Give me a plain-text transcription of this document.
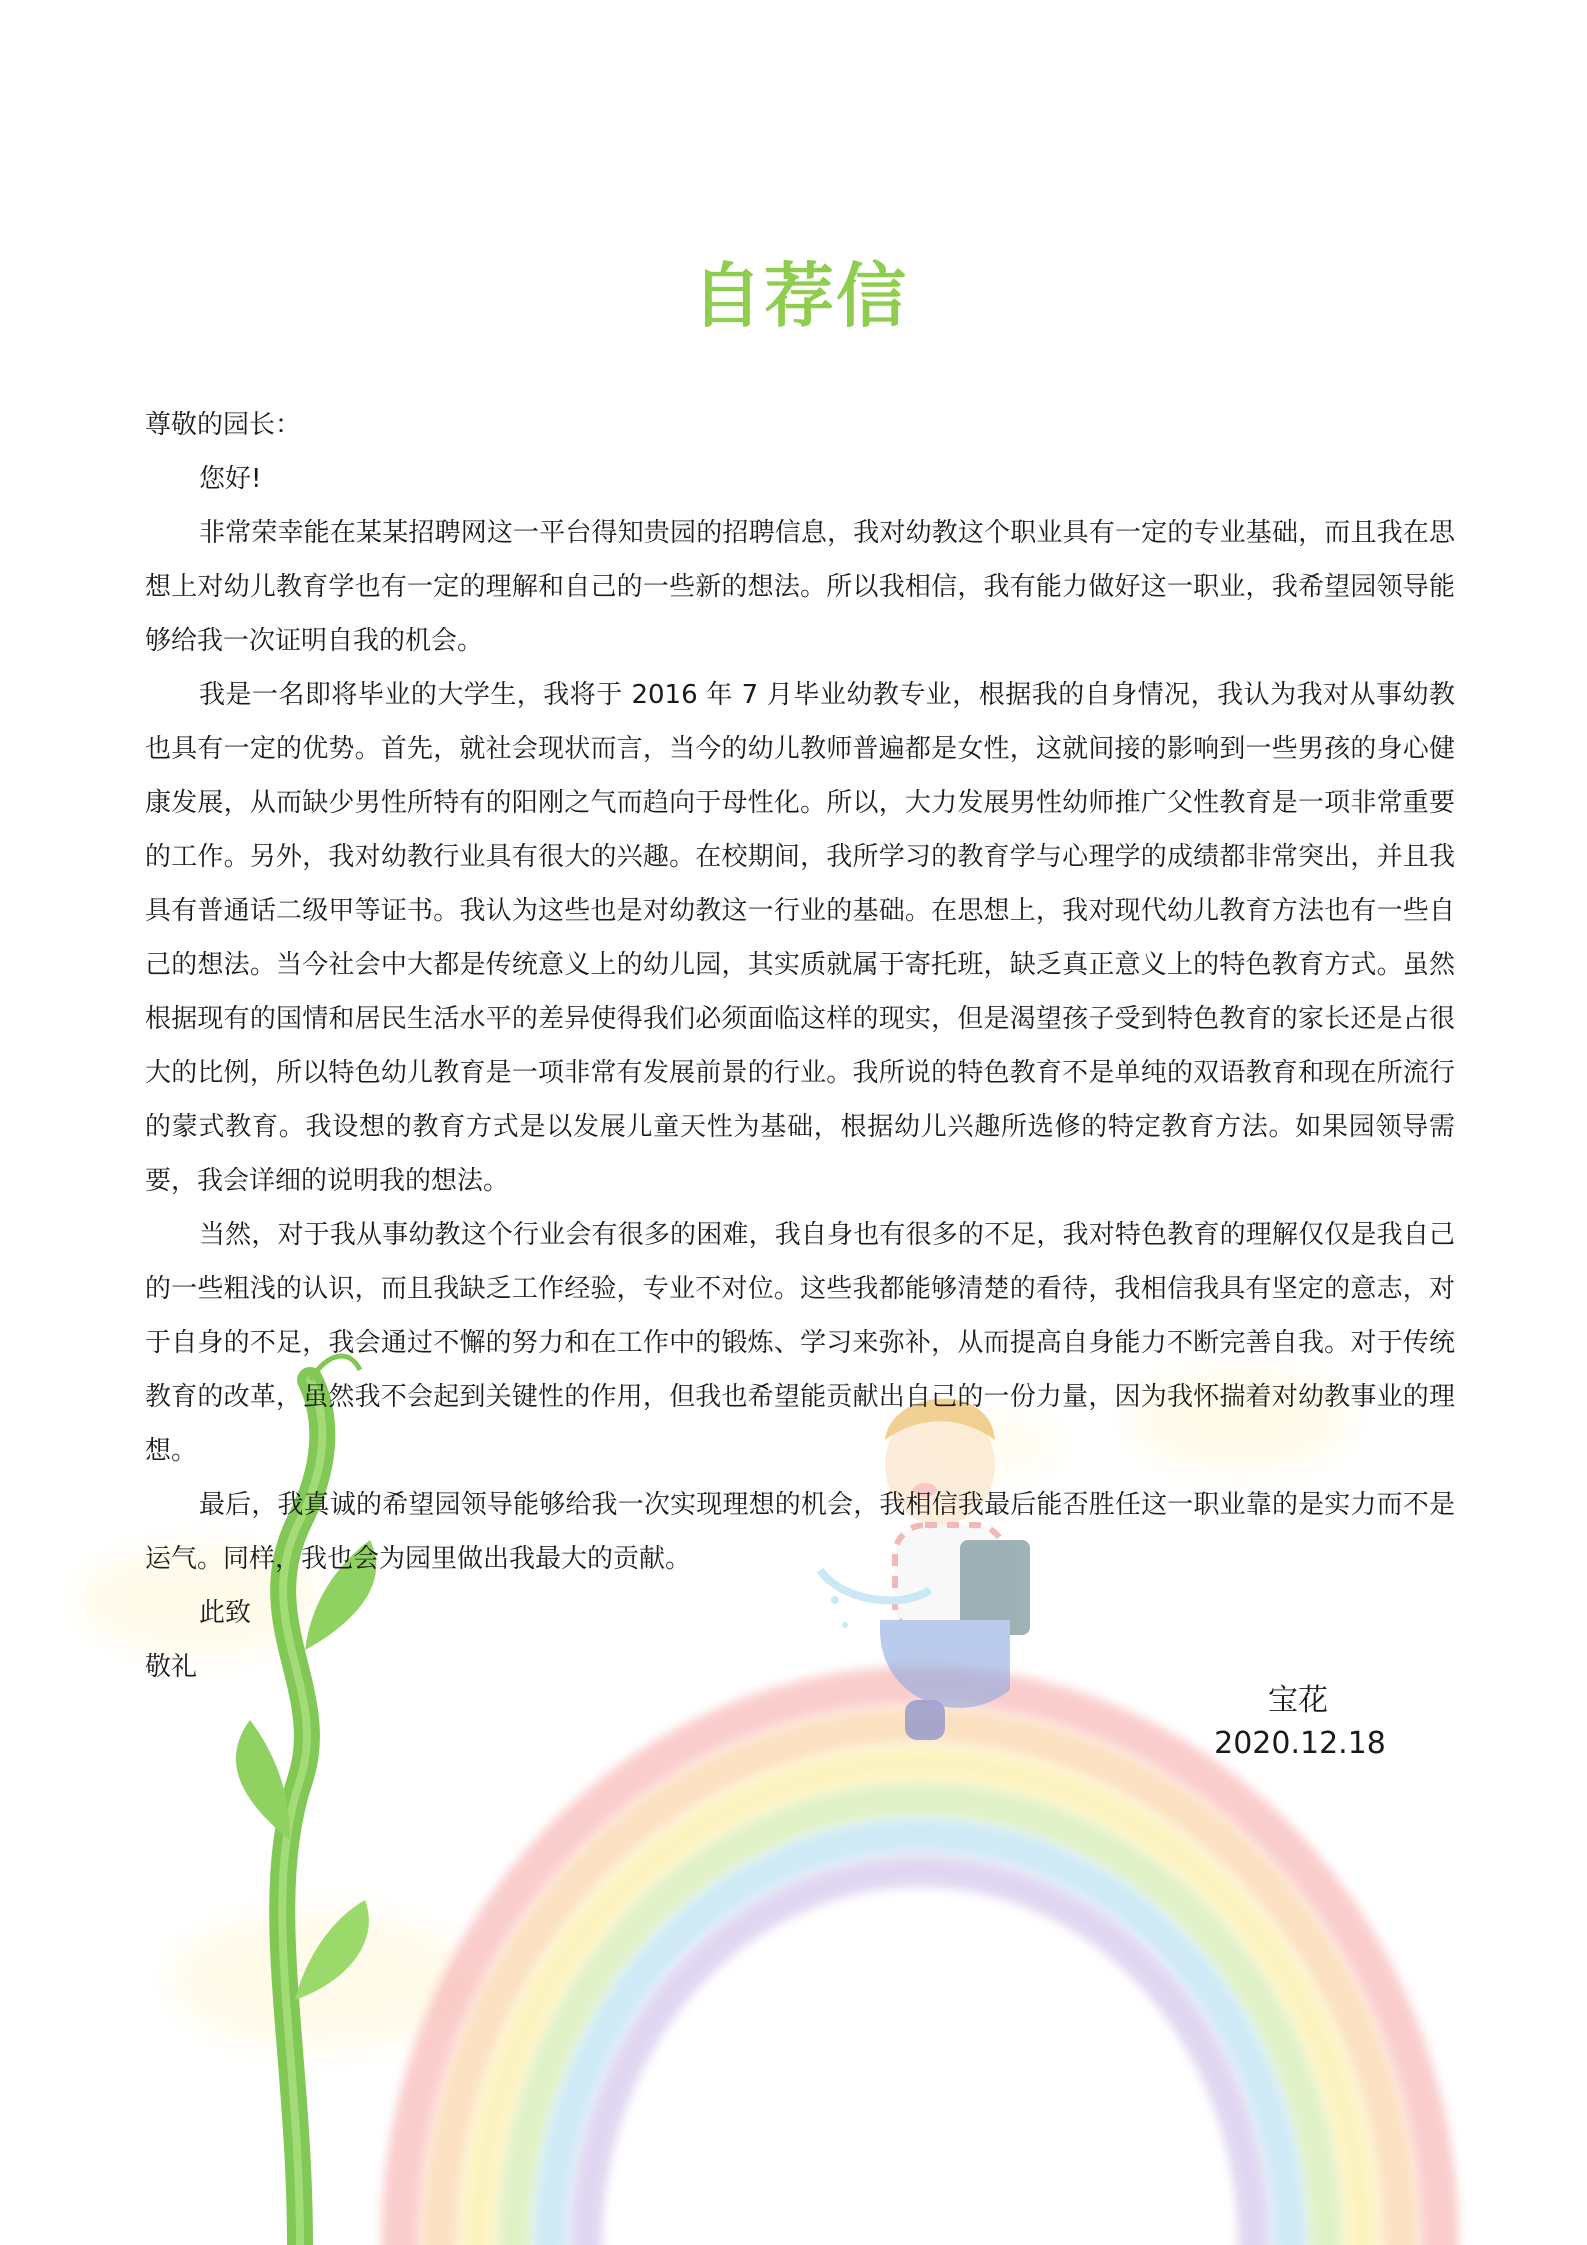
自荐信

尊敬的园长：

您好!

非常荣幸能在某某招聘网这一平台得知贵园的招聘信息，我对幼教这个职业具有一定的专业基础，而且我在思想上对幼儿教育学也有一定的理解和自己的一些新的想法。所以我相信，我有能力做好这一职业，我希望园领导能够给我一次证明自我的机会。

我是一名即将毕业的大学生，我将于 2016 年 7 月毕业幼教专业，根据我的自身情况，我认为我对从事幼教也具有一定的优势。首先，就社会现状而言，当今的幼儿教师普遍都是女性，这就间接的影响到一些男孩的身心健康发展，从而缺少男性所特有的阳刚之气而趋向于母性化。所以，大力发展男性幼师推广父性教育是一项非常重要的工作。另外，我对幼教行业具有很大的兴趣。在校期间，我所学习的教育学与心理学的成绩都非常突出，并且我具有普通话二级甲等证书。我认为这些也是对幼教这一行业的基础。在思想上，我对现代幼儿教育方法也有一些自己的想法。当今社会中大都是传统意义上的幼儿园，其实质就属于寄托班，缺乏真正意义上的特色教育方式。虽然根据现有的国情和居民生活水平的差异使得我们必须面临这样的现实，但是渴望孩子受到特色教育的家长还是占很大的比例，所以特色幼儿教育是一项非常有发展前景的行业。我所说的特色教育不是单纯的双语教育和现在所流行的蒙式教育。我设想的教育方式是以发展儿童天性为基础，根据幼儿兴趣所选修的特定教育方法。如果园领导需要，我会详细的说明我的想法。

当然，对于我从事幼教这个行业会有很多的困难，我自身也有很多的不足，我对特色教育的理解仅仅是我自己的一些粗浅的认识，而且我缺乏工作经验，专业不对位。这些我都能够清楚的看待，我相信我具有坚定的意志，对于自身的不足，我会通过不懈的努力和在工作中的锻炼、学习来弥补，从而提高自身能力不断完善自我。对于传统教育的改革，虽然我不会起到关键性的作用，但我也希望能贡献出自己的一份力量，因为我怀揣着对幼教事业的理想。

最后，我真诚的希望园领导能够给我一次实现理想的机会，我相信我最后能否胜任这一职业靠的是实力而不是运气。同样，我也会为园里做出我最大的贡献。

此致

敬礼

宝花
2020.12.18
